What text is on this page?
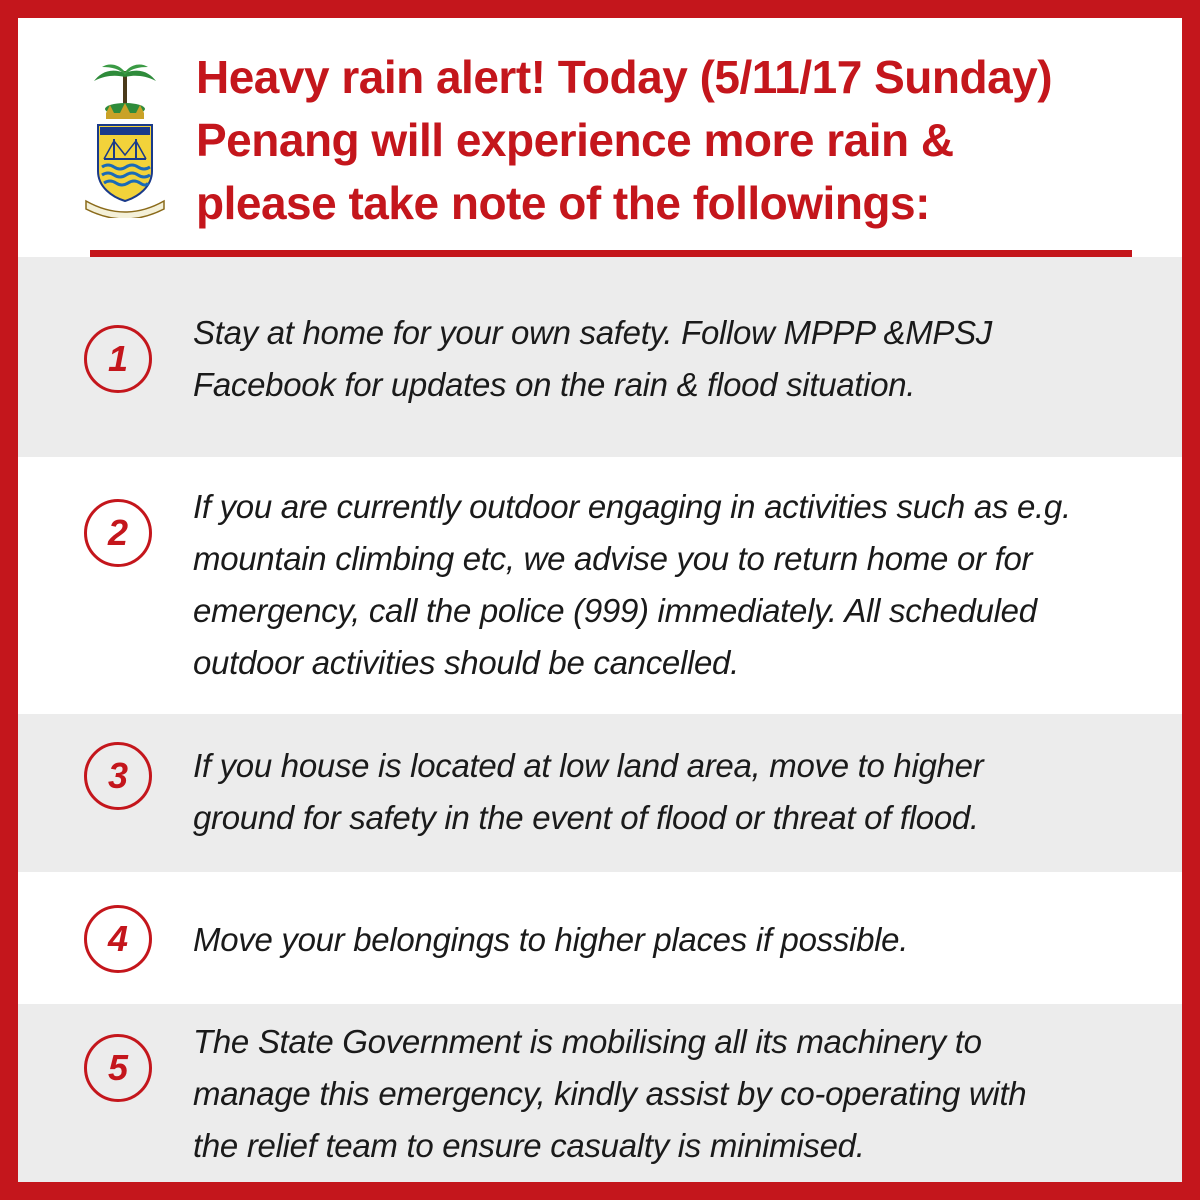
Heavy rain alert! Today (5/11/17 Sunday)
Penang will experience more rain &
please take note of the followings:
1

Stay at home for your own safety. Follow MPPP &MPSJ
Facebook for updates on the rain & flood situation.

2

If you are currently outdoor engaging in activities such as e.g.
mountain climbing etc, we advise you to return home or for
emergency, call the police (999) immediately. All scheduled
outdoor activities should be cancelled.

3	If you house is located at low land area, move to higher
ground for safety in the event of flood or threat of flood.

4	Move your belongings to higher places if possible.

5

The State Government is mobilising all its machinery to
manage this emergency, kindly assist by co-operating with
the relief team to ensure casualty is minimised.
